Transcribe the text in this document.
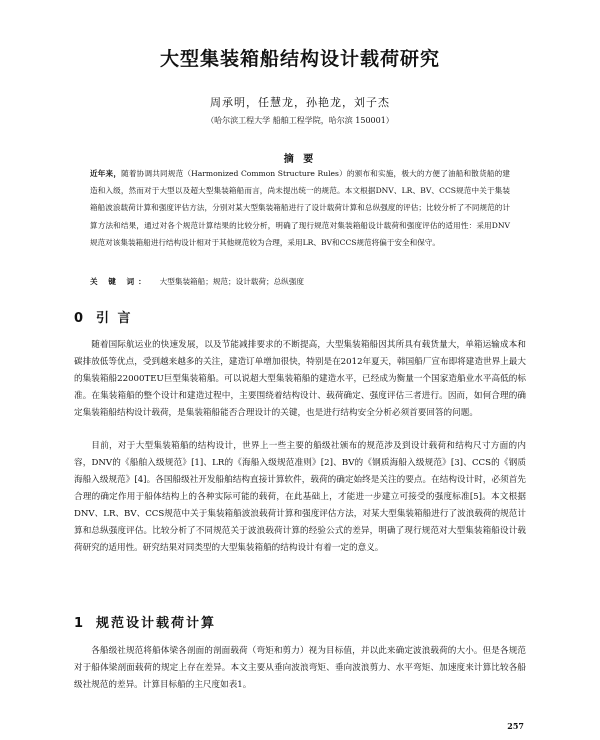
大型集装箱船结构设计载荷研究
周承明，任慧龙，孙艳龙，刘子杰
（哈尔滨工程大学 船舶工程学院，哈尔滨 150001）
摘 要

近年来，随着协调共同规范（Harmonized Common Structure Rules）的颁布和实施，极大的方便了油船和散货船的建造和入级，然而对于大型以及超大型集装箱船而言，尚未提出统一的规范。本文根据DNV、LR、BV、CCS规范中关于集装箱船波浪载荷计算和强度评估方法，分别对某大型集装箱船进行了设计载荷计算和总纵强度的评估；比较分析了不同规范的计算方法和结果，通过对各个规范计算结果的比较分析，明确了现行规范对集装箱船设计载荷和强度评估的适用性：采用DNV规范对该集装箱船进行结构设计相对于其他规范较为合理，采用LR、BV和CCS规范将偏于安全和保守。

关 键 词： 大型集装箱船；规范；设计载荷；总纵强度
0 引 言

随着国际航运业的快速发展，以及节能减排要求的不断提高，大型集装箱船因其所具有载货量大，单箱运输成本和碳排放低等优点，受到越来越多的关注，建造订单增加很快，特别是在2012年夏天，韩国船厂宣布即将建造世界上最大的集装箱船22000TEU巨型集装箱船。可以说超大型集装箱船的建造水平，已经成为衡量一个国家造船业水平高低的标准。在集装箱船的整个设计和建造过程中，主要围绕着结构设计、载荷确定、强度评估三者进行。因而，如何合理的确定集装箱船结构设计载荷，是集装箱船能否合理设计的关键，也是进行结构安全分析必须首要回答的问题。

目前，对于大型集装箱船的结构设计，世界上一些主要的船级社颁布的规范涉及到设计载荷和结构尺寸方面的内容，DNV的《船舶入级规范》[1]、LR的《海船入级规范准则》[2]、BV的《钢质海船入级规范》[3]、CCS的《钢质海船入级规范》[4]。各国船级社开发船舶结构直接计算软件，载荷的确定始终是关注的要点。在结构设计时，必须首先合理的确定作用于船体结构上的各种实际可能的载荷，在此基础上，才能进一步建立可接受的强度标准[5]。本文根据DNV、LR、BV、CCS规范中关于集装箱船波浪载荷计算和强度评估方法，对某大型集装箱船进行了波浪载荷的规范计算和总纵强度评估。比较分析了不同规范关于波浪载荷计算的经验公式的差异，明确了现行规范对大型集装箱船设计载荷研究的适用性。研究结果对同类型的大型集装箱船的结构设计有着一定的意义。

1 规范设计载荷计算

各船级社规范将船体梁各剖面的剖面载荷（弯矩和剪力）视为目标值，并以此来确定波浪载荷的大小。但是各规范对于船体梁剖面载荷的规定上存在差异。本文主要从垂向波浪弯矩、垂向波浪剪力、水平弯矩、加速度来计算比较各船级社规范的差异。计算目标船的主尺度如表1。

257
